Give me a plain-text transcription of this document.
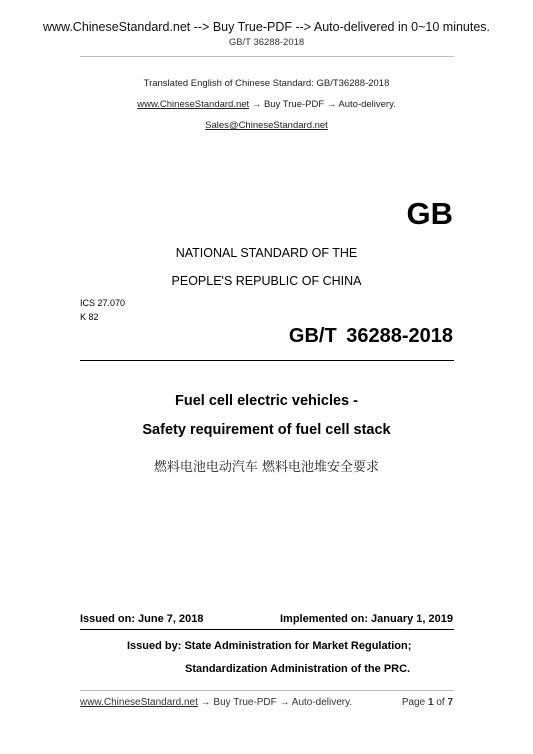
www.ChineseStandard.net --> Buy True-PDF --> Auto-delivered in 0~10 minutes.
GB/T 36288-2018
Translated English of Chinese Standard: GB/T36288-2018
www.ChineseStandard.net → Buy True-PDF → Auto-delivery.
Sales@ChineseStandard.net
GB
NATIONAL STANDARD OF THE
PEOPLE'S REPUBLIC OF CHINA
ICS 27.070
K 82
GB/T 36288-2018
Fuel cell electric vehicles -
Safety requirement of fuel cell stack
燃料电池电动汽车 燃料电池堆安全要求
Issued on: June 7, 2018	Implemented on: January 1, 2019
Issued by: State Administration for Market Regulation;
Standardization Administration of the PRC.
www.ChineseStandard.net → Buy True-PDF → Auto-delivery.	Page 1 of 7
